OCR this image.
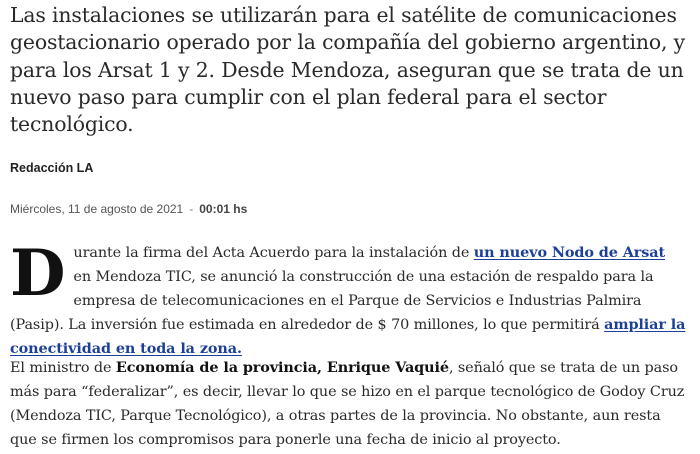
Las instalaciones se utilizarán para el satélite de comunicaciones geostacionario operado por la compañía del gobierno argentino, y para los Arsat 1 y 2. Desde Mendoza, aseguran que se trata de un nuevo paso para cumplir con el plan federal para el sector tecnológico.

Redacción LA

Miércoles, 11 de agosto de 2021 - 00:01 hs

Durante la firma del Acta Acuerdo para la instalación de un nuevo Nodo de Arsat en Mendoza TIC, se anunció la construcción de una estación de respaldo para la empresa de telecomunicaciones en el Parque de Servicios e Industrias Palmira (Pasip). La inversión fue estimada en alrededor de $ 70 millones, lo que permitirá ampliar la conectividad en toda la zona.

El ministro de Economía de la provincia, Enrique Vaquié, señaló que se trata de un paso más para “federalizar”, es decir, llevar lo que se hizo en el parque tecnológico de Godoy Cruz (Mendoza TIC, Parque Tecnológico), a otras partes de la provincia. No obstante, aun resta que se firmen los compromisos para ponerle una fecha de inicio al proyecto.
